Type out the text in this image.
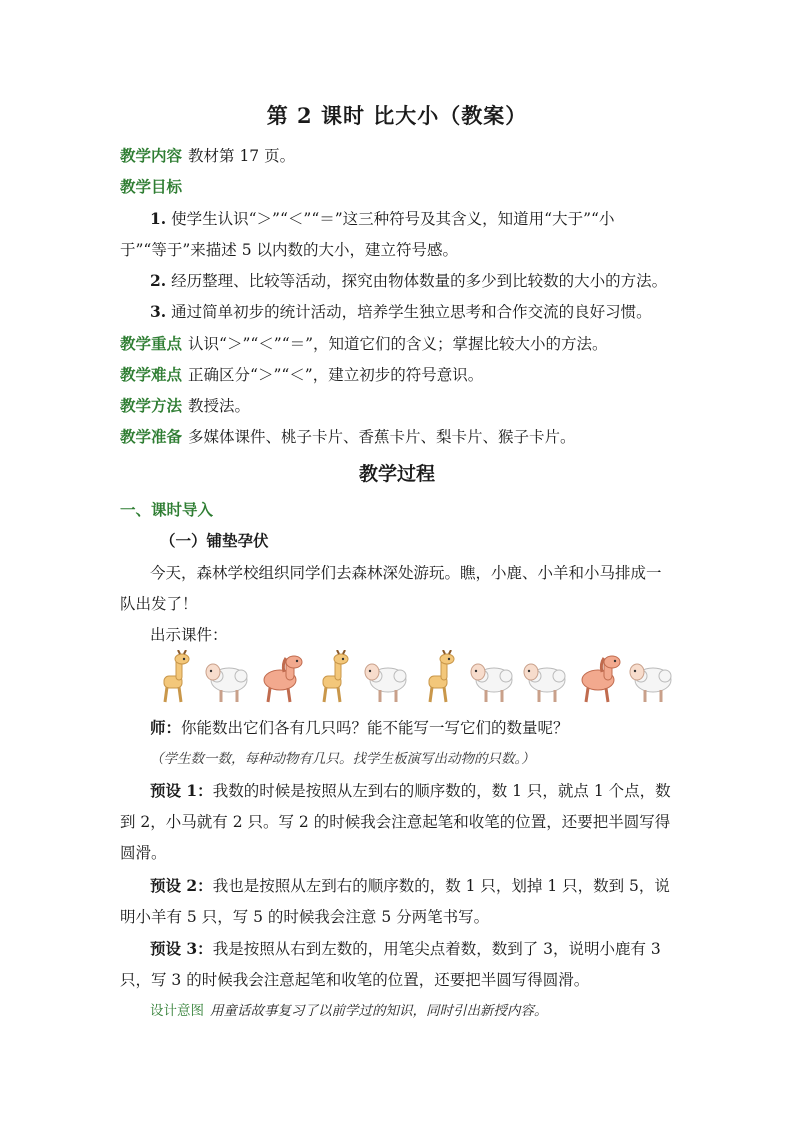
第 2 课时 比大小（教案）
教学内容 教材第 17 页。
教学目标
1. 使学生认识“＞”“＜”“＝”这三种符号及其含义，知道用“大于”“小
于”“等于”来描述 5 以内数的大小，建立符号感。
2. 经历整理、比较等活动，探究由物体数量的多少到比较数的大小的方法。
3. 通过简单初步的统计活动，培养学生独立思考和合作交流的良好习惯。
教学重点 认识“＞”“＜”“＝”，知道它们的含义；掌握比较大小的方法。
教学难点 正确区分“＞”“＜”，建立初步的符号意识。
教学方法 教授法。
教学准备 多媒体课件、桃子卡片、香蕉卡片、梨卡片、猴子卡片。
教学过程
一、课时导入
（一）铺垫孕伏
今天，森林学校组织同学们去森林深处游玩。瞧，小鹿、小羊和小马排成一
队出发了！
出示课件：
师：你能数出它们各有几只吗？能不能写一写它们的数量呢？
（学生数一数，每种动物有几只。找学生板演写出动物的只数。）
预设 1：我数的时候是按照从左到右的顺序数的，数 1 只，就点 1 个点，数
到 2，小马就有 2 只。写 2 的时候我会注意起笔和收笔的位置，还要把半圆写得
圆滑。
预设 2：我也是按照从左到右的顺序数的，数 1 只，划掉 1 只，数到 5，说
明小羊有 5 只，写 5 的时候我会注意 5 分两笔书写。
预设 3：我是按照从右到左数的，用笔尖点着数，数到了 3，说明小鹿有 3
只，写 3 的时候我会注意起笔和收笔的位置，还要把半圆写得圆滑。
设计意图 用童话故事复习了以前学过的知识，同时引出新授内容。
